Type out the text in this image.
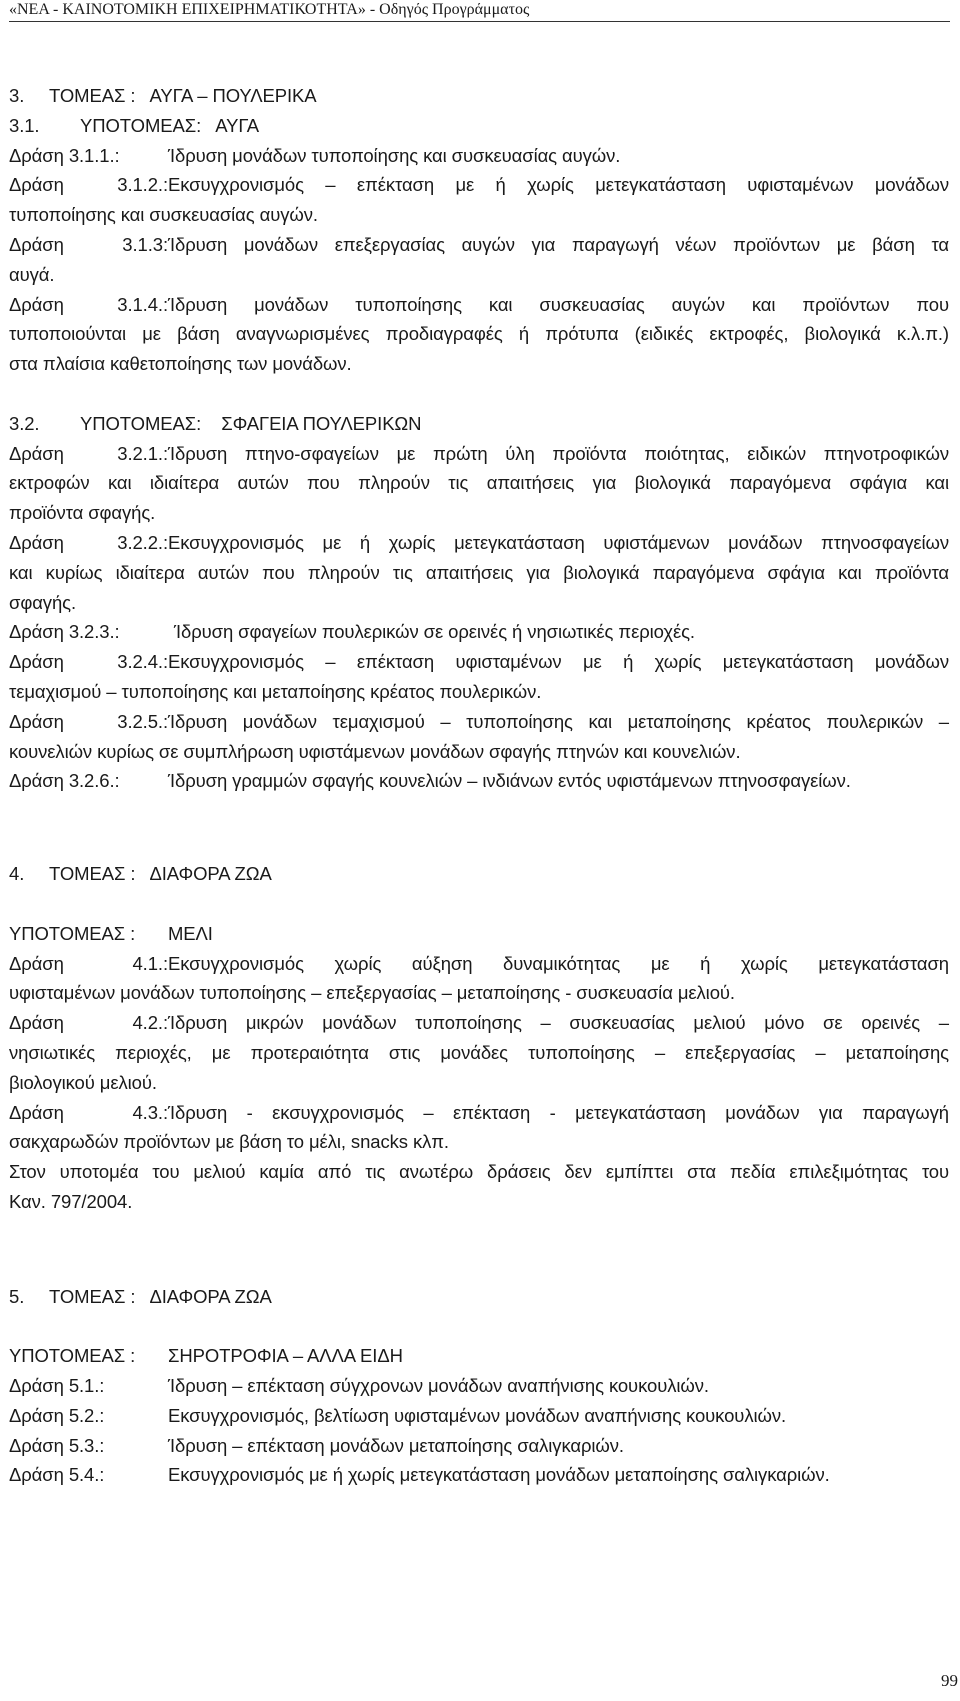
«ΝΕΑ - ΚΑΙΝΟΤΟΜΙΚΗ ΕΠΙΧΕΙΡΗΜΑΤΙΚΟΤΗΤΑ» - Οδηγός Προγράμματος
3. ΤΟΜΕΑΣ :   ΑΥΓΑ – ΠΟΥΛΕΡΙΚΑ
3.1. ΥΠΟΤΟΜΕΑΣ:   ΑΥΓΑ
Δράση 3.1.1.:	Ίδρυση μονάδων τυποποίησης και συσκευασίας αυγών.
Δράση 3.1.2.:Εκσυγχρονισμός – επέκταση με ή χωρίς μετεγκατάσταση υφισταμένων μονάδων
τυποποίησης και συσκευασίας αυγών.
Δράση 3.1.3:Ίδρυση μονάδων επεξεργασίας αυγών για παραγωγή νέων προϊόντων με βάση τα
αυγά.
Δράση 3.1.4.:Ίδρυση μονάδων τυποποίησης και συσκευασίας αυγών και προϊόντων που
τυποποιούνται με βάση αναγνωρισμένες προδιαγραφές ή πρότυπα (ειδικές εκτροφές, βιολογικά κ.λ.π.)
στα πλαίσια καθετοποίησης των μονάδων.
3.2. ΥΠΟΤΟΜΕΑΣ:    ΣΦΑΓΕΙΑ ΠΟΥΛΕΡΙΚΩΝ
Δράση 3.2.1.:Ίδρυση πτηνο-σφαγείων με πρώτη ύλη προϊόντα ποιότητας, ειδικών πτηνοτροφικών
εκτροφών και ιδιαίτερα αυτών που πληρούν τις απαιτήσεις για βιολογικά παραγόμενα σφάγια και
προϊόντα σφαγής.
Δράση 3.2.2.:Εκσυγχρονισμός με ή χωρίς μετεγκατάσταση υφιστάμενων μονάδων πτηνοσφαγείων
και κυρίως ιδιαίτερα αυτών που πληρούν τις απαιτήσεις για βιολογικά παραγόμενα σφάγια και προϊόντα
σφαγής.
Δράση 3.2.3.:	Ίδρυση σφαγείων πουλερικών σε ορεινές ή νησιωτικές περιοχές.
Δράση 3.2.4.:Εκσυγχρονισμός – επέκταση υφισταμένων με ή χωρίς μετεγκατάσταση μονάδων
τεμαχισμού – τυποποίησης και μεταποίησης κρέατος πουλερικών.
Δράση 3.2.5.:Ίδρυση μονάδων τεμαχισμού – τυποποίησης και μεταποίησης κρέατος πουλερικών –
κουνελιών κυρίως σε συμπλήρωση υφιστάμενων μονάδων σφαγής πτηνών και κουνελιών.
Δράση 3.2.6.:	Ίδρυση γραμμών σφαγής κουνελιών – ινδιάνων εντός υφιστάμενων πτηνοσφαγείων.
4. ΤΟΜΕΑΣ :   ΔΙΑΦΟΡΑ ΖΩΑ
ΥΠΟΤΟΜΕΑΣ : ΜΕΛΙ
Δράση 4.1.:Εκσυγχρονισμός χωρίς αύξηση δυναμικότητας με ή χωρίς μετεγκατάσταση
υφισταμένων μονάδων τυποποίησης – επεξεργασίας – μεταποίησης - συσκευασία μελιού.
Δράση 4.2.:Ίδρυση μικρών μονάδων τυποποίησης – συσκευασίας μελιού μόνο σε ορεινές –
νησιωτικές περιοχές, με προτεραιότητα στις μονάδες τυποποίησης – επεξεργασίας – μεταποίησης
βιολογικού μελιού.
Δράση 4.3.:Ίδρυση - εκσυγχρονισμός – επέκταση - μετεγκατάσταση μονάδων για παραγωγή
σακχαρωδών προϊόντων με βάση το μέλι, snacks κλπ.
Στον υποτομέα του μελιού καμία από τις ανωτέρω δράσεις δεν εμπίπτει στα πεδία επιλεξιμότητας του
Καν. 797/2004.
5. ΤΟΜΕΑΣ :   ΔΙΑΦΟΡΑ ΖΩΑ
ΥΠΟΤΟΜΕΑΣ : ΣΗΡΟΤΡΟΦΙΑ – ΑΛΛΑ ΕΙΔΗ
Δράση 5.1.:	Ίδρυση – επέκταση σύγχρονων μονάδων αναπήνισης κουκουλιών.
Δράση 5.2.:	Εκσυγχρονισμός, βελτίωση υφισταμένων μονάδων αναπήνισης κουκουλιών.
Δράση 5.3.:	Ίδρυση – επέκταση μονάδων μεταποίησης σαλιγκαριών.
Δράση 5.4.:	Εκσυγχρονισμός με ή χωρίς μετεγκατάσταση μονάδων μεταποίησης σαλιγκαριών.
99
